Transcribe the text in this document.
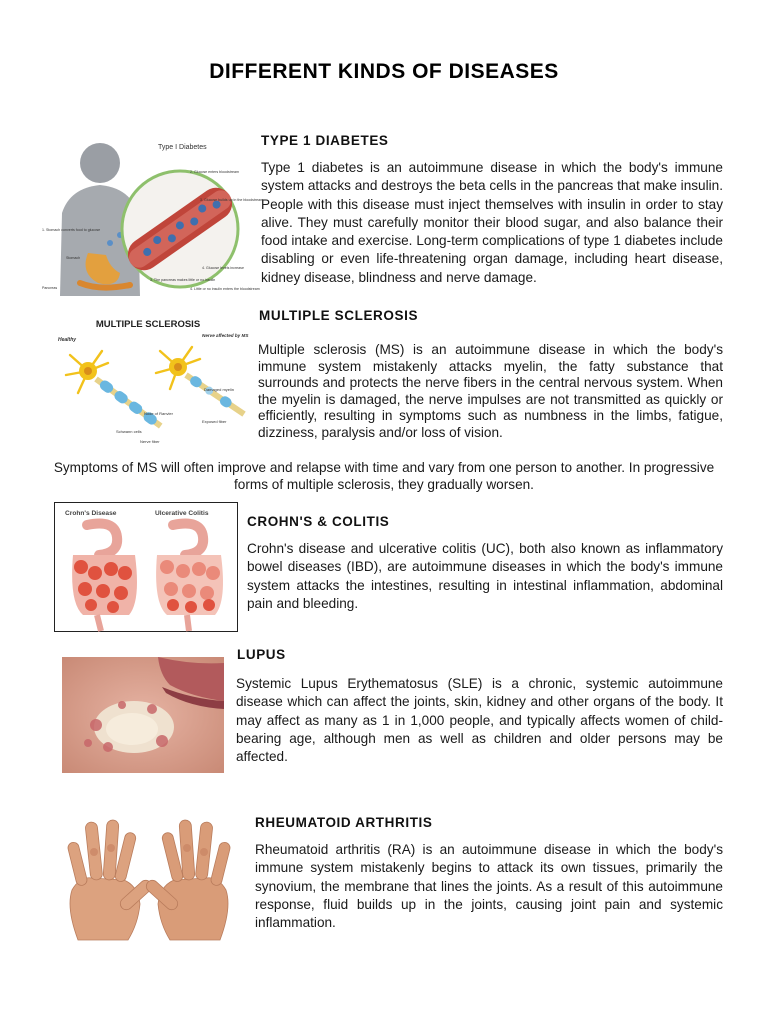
DIFFERENT KINDS OF DISEASES
Type I Diabetes
1. Stomach converts food to glucose
2. Glucose enters bloodstream
3. Glucose builds up in the bloodstream
Stomach
Pancreas
3. The pancreas makes little or no insulin
4. Little or no insulin enters the bloodstream
4. Glucose levels increase
TYPE 1 DIABETES

Type 1 diabetes is an autoimmune disease in which the body's immune system attacks and destroys the beta cells in the pancreas that make insulin. People with this disease must inject themselves with insulin in order to stay alive. They must carefully monitor their blood sugar, and also balance their food intake and exercise. Long-term complications of type 1 diabetes include disabling or even life-threatening organ damage, including heart disease, kidney disease, blindness and nerve damage.

MULTIPLE SCLEROSIS
Healthy
Nerve affected by MS
Damaged myelin
Node of Ranvier
Exposed fiber
Schwann cells
Nerve fiber
MULTIPLE SCLEROSIS

Multiple sclerosis (MS) is an autoimmune disease in which the body's immune system mistakenly attacks myelin, the fatty substance that surrounds and protects the nerve fibers in the central nervous system. When the myelin is damaged, the nerve impulses are not transmitted as quickly or efficiently, resulting in symptoms such as numbness in the limbs, fatigue, dizziness, paralysis and/or loss of vision.

Symptoms of MS will often improve and relapse with time and vary from one person to another. In progressive forms of multiple sclerosis, they gradually worsen.
Crohn's Disease	Ulcerative Colitis
CROHN'S & COLITIS

Crohn's disease and ulcerative colitis (UC), both also known as inflammatory bowel diseases (IBD), are autoimmune diseases in which the body's immune system attacks the intestines, resulting in intestinal inflammation, abdominal pain and bleeding.

LUPUS

Systemic Lupus Erythematosus (SLE) is a chronic, systemic autoimmune disease which can affect the joints, skin, kidney and other organs of the body. It may affect as many as 1 in 1,000 people, and typically affects women of child-bearing age, although men as well as children and older persons may be affected.

RHEUMATOID ARTHRITIS

Rheumatoid arthritis (RA) is an autoimmune disease in which the body's immune system mistakenly begins to attack its own tissues, primarily the synovium, the membrane that lines the joints. As a result of this autoimmune response, fluid builds up in the joints, causing joint pain and systemic inflammation.
